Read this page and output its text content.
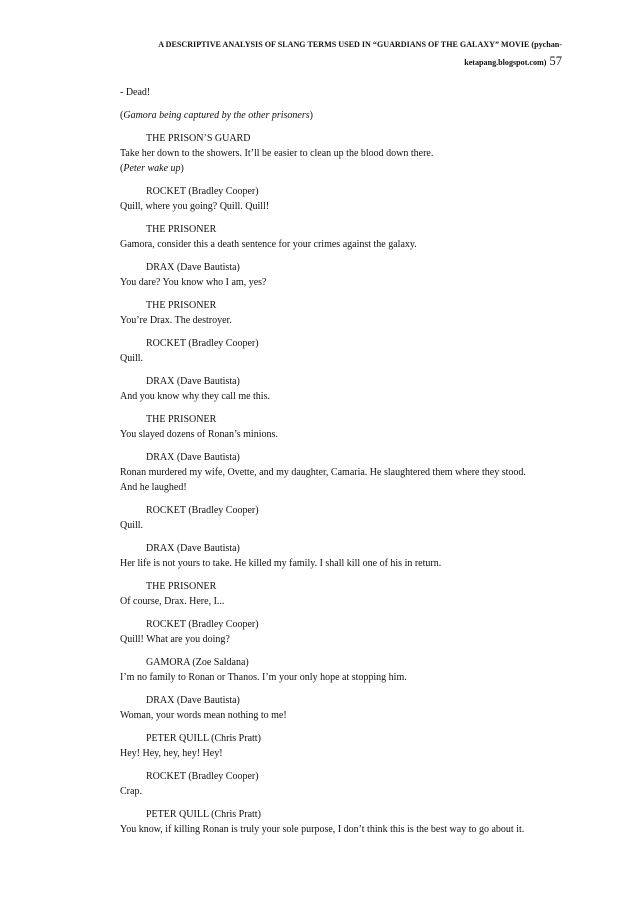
A DESCRIPTIVE ANALYSIS OF SLANG TERMS USED IN “GUARDIANS OF THE GALAXY” MOVIE (pychan-
ketapang.blogspot.com) 57
- Dead!
(Gamora being captured by the other prisoners)
THE PRISON’S GUARD
Take her down to the showers. It’ll be easier to clean up the blood down there.
(Peter wake up)
ROCKET (Bradley Cooper)
Quill, where you going? Quill. Quill!
THE PRISONER
Gamora, consider this a death sentence for your crimes against the galaxy.
DRAX (Dave Bautista)
You dare? You know who I am, yes?
THE PRISONER
You’re Drax. The destroyer.
ROCKET (Bradley Cooper)
Quill.
DRAX (Dave Bautista)
And you know why they call me this.
THE PRISONER
You slayed dozens of Ronan’s minions.
DRAX (Dave Bautista)
Ronan murdered my wife, Ovette, and my daughter, Camaria. He slaughtered them where they stood.
And he laughed!
ROCKET (Bradley Cooper)
Quill.
DRAX (Dave Bautista)
Her life is not yours to take. He killed my family. I shall kill one of his in return.
THE PRISONER
Of course, Drax. Here, I...
ROCKET (Bradley Cooper)
Quill! What are you doing?
GAMORA (Zoe Saldana)
I’m no family to Ronan or Thanos. I’m your only hope at stopping him.
DRAX (Dave Bautista)
Woman, your words mean nothing to me!
PETER QUILL (Chris Pratt)
Hey! Hey, hey, hey! Hey!
ROCKET (Bradley Cooper)
Crap.
PETER QUILL (Chris Pratt)
You know, if killing Ronan is truly your sole purpose, I don’t think this is the best way to go about it.
